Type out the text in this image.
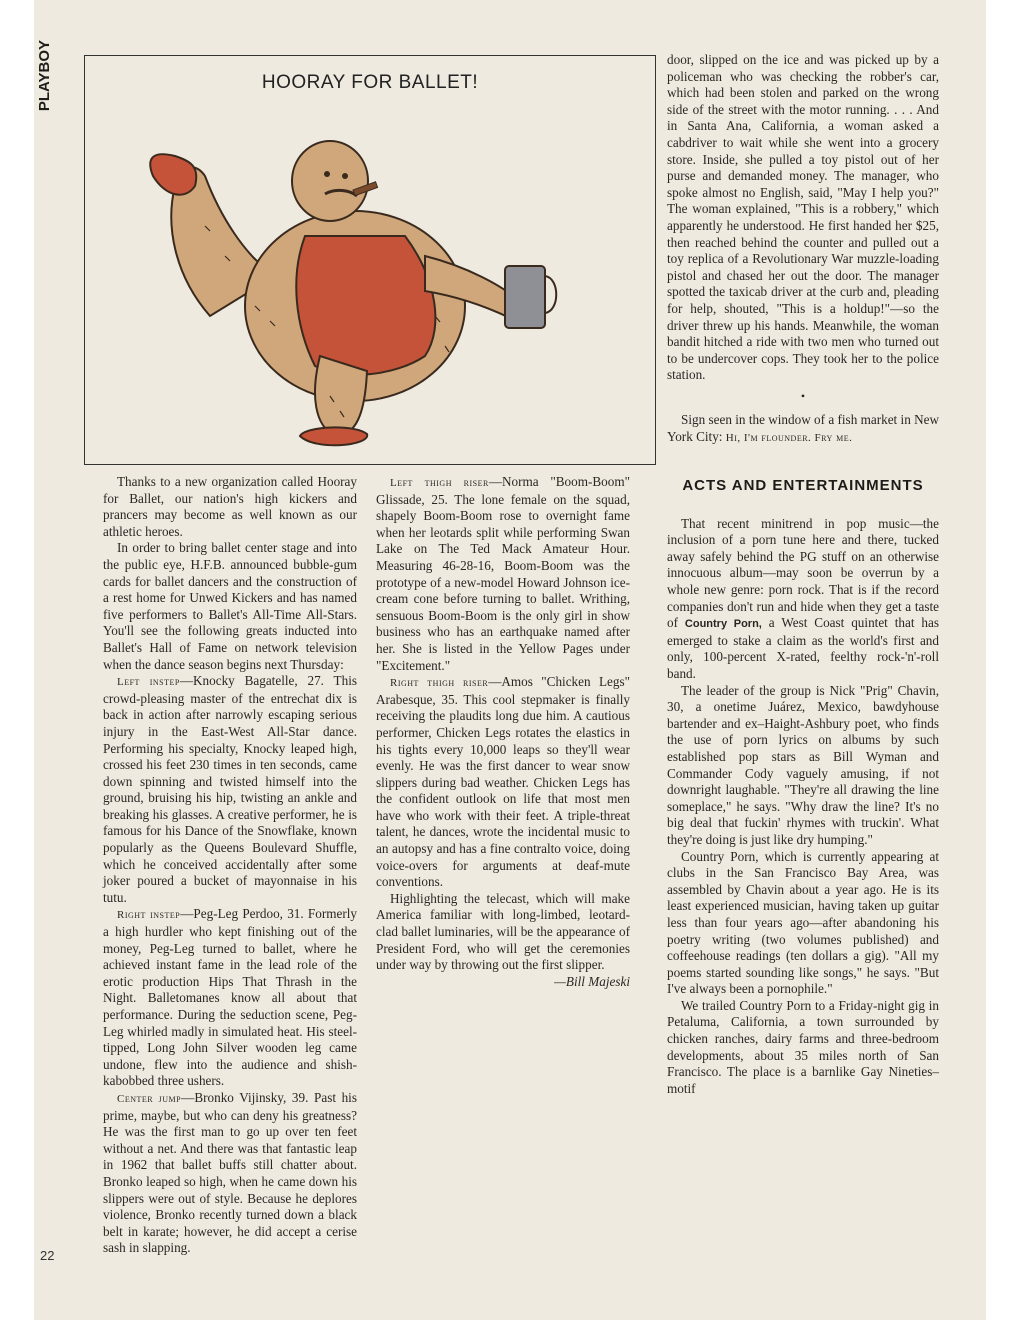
PLAYBOY
22
HOORAY FOR BALLET!

Thanks to a new organization called Hooray for Ballet, our nation's high kickers and prancers may become as well known as our athletic heroes.

In order to bring ballet center stage and into the public eye, H.F.B. announced bubble-gum cards for ballet dancers and the construction of a rest home for Unwed Kickers and has named five performers to Ballet's All-Time All-Stars. You'll see the following greats inducted into Ballet's Hall of Fame on network television when the dance season begins next Thursday:

Left instep—Knocky Bagatelle, 27. This crowd-pleasing master of the entrechat dix is back in action after narrowly escaping serious injury in the East-West All-Star dance. Performing his specialty, Knocky leaped high, crossed his feet 230 times in ten seconds, came down spinning and twisted himself into the ground, bruising his hip, twisting an ankle and breaking his glasses. A creative performer, he is famous for his Dance of the Snowflake, known popularly as the Queens Boulevard Shuffle, which he conceived accidentally after some joker poured a bucket of mayonnaise in his tutu.

Right instep—Peg-Leg Perdoo, 31. Formerly a high hurdler who kept finishing out of the money, Peg-Leg turned to ballet, where he achieved instant fame in the lead role of the erotic production Hips That Thrash in the Night. Balletomanes know all about that performance. During the seduction scene, Peg-Leg whirled madly in simulated heat. His steel-tipped, Long John Silver wooden leg came undone, flew into the audience and shish-kabobbed three ushers.

Center jump—Bronko Vijinsky, 39. Past his prime, maybe, but who can deny his greatness? He was the first man to go up over ten feet without a net. And there was that fantastic leap in 1962 that ballet buffs still chatter about. Bronko leaped so high, when he came down his slippers were out of style. Because he deplores violence, Bronko recently turned down a black belt in karate; however, he did accept a cerise sash in slapping.

Left thigh riser—Norma "Boom-Boom" Glissade, 25. The lone female on the squad, shapely Boom-Boom rose to overnight fame when her leotards split while performing Swan Lake on The Ted Mack Amateur Hour. Measuring 46-28-16, Boom-Boom was the prototype of a new-model Howard Johnson ice-cream cone before turning to ballet. Writhing, sensuous Boom-Boom is the only girl in show business who has an earthquake named after her. She is listed in the Yellow Pages under "Excitement."

Right thigh riser—Amos "Chicken Legs" Arabesque, 35. This cool stepmaker is finally receiving the plaudits long due him. A cautious performer, Chicken Legs rotates the elastics in his tights every 10,000 leaps so they'll wear evenly. He was the first dancer to wear snow slippers during bad weather. Chicken Legs has the confident outlook on life that most men have who work with their feet. A triple-threat talent, he dances, wrote the incidental music to an autopsy and has a fine contralto voice, doing voice-overs for arguments at deaf-mute conventions.

Highlighting the telecast, which will make America familiar with long-limbed, leotard-clad ballet luminaries, will be the appearance of President Ford, who will get the ceremonies under way by throwing out the first slipper.

—Bill Majeski

door, slipped on the ice and was picked up by a policeman who was checking the robber's car, which had been stolen and parked on the wrong side of the street with the motor running. . . . And in Santa Ana, California, a woman asked a cabdriver to wait while she went into a grocery store. Inside, she pulled a toy pistol out of her purse and demanded money. The manager, who spoke almost no English, said, "May I help you?" The woman explained, "This is a robbery," which apparently he understood. He first handed her $25, then reached behind the counter and pulled out a toy replica of a Revolutionary War muzzle-loading pistol and chased her out the door. The manager spotted the taxicab driver at the curb and, pleading for help, shouted, "This is a holdup!"—so the driver threw up his hands. Meanwhile, the woman bandit hitched a ride with two men who turned out to be undercover cops. They took her to the police station.

•

Sign seen in the window of a fish market in New York City: Hi, I'm flounder. Fry me.

ACTS AND ENTERTAINMENTS

That recent minitrend in pop music—the inclusion of a porn tune here and there, tucked away safely behind the PG stuff on an otherwise innocuous album—may soon be overrun by a whole new genre: porn rock. That is if the record companies don't run and hide when they get a taste of Country Porn, a West Coast quintet that has emerged to stake a claim as the world's first and only, 100-percent X-rated, feelthy rock-'n'-roll band.

The leader of the group is Nick "Prig" Chavin, 30, a onetime Juárez, Mexico, bawdyhouse bartender and ex–Haight-Ashbury poet, who finds the use of porn lyrics on albums by such established pop stars as Bill Wyman and Commander Cody vaguely amusing, if not downright laughable. "They're all drawing the line someplace," he says. "Why draw the line? It's no big deal that fuckin' rhymes with truckin'. What they're doing is just like dry humping."

Country Porn, which is currently appearing at clubs in the San Francisco Bay Area, was assembled by Chavin about a year ago. He is its least experienced musician, having taken up guitar less than four years ago—after abandoning his poetry writing (two volumes published) and coffeehouse readings (ten dollars a gig). "All my poems started sounding like songs," he says. "But I've always been a pornophile."

We trailed Country Porn to a Friday-night gig in Petaluma, California, a town surrounded by chicken ranches, dairy farms and three-bedroom developments, about 35 miles north of San Francisco. The place is a barnlike Gay Nineties–motif
